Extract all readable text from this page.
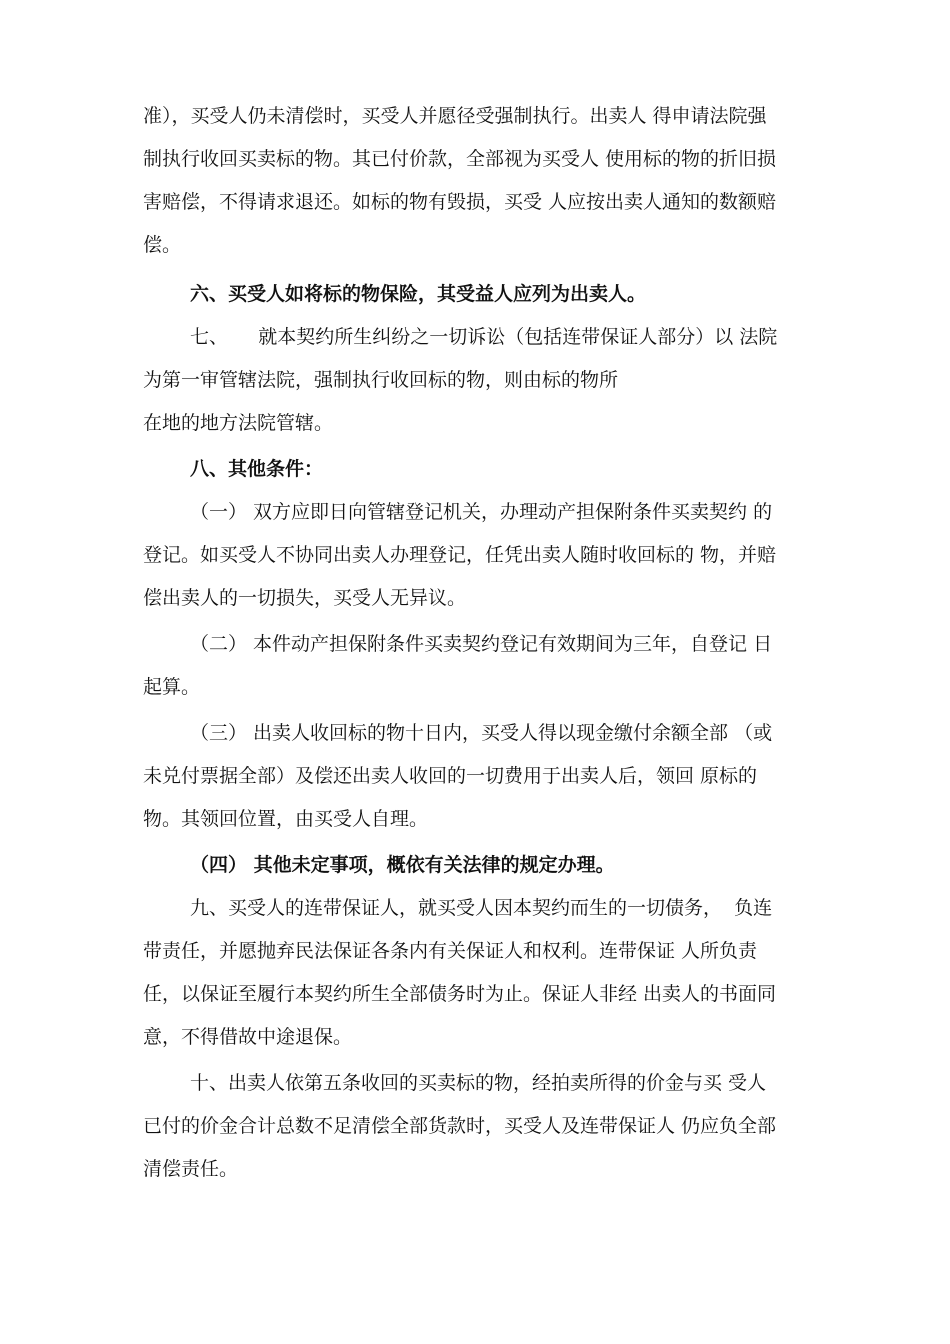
准），买受人仍未清偿时，买受人并愿径受强制执行。出卖人 得申请法院强
制执行收回买卖标的物。其已付价款，全部视为买受人 使用标的物的折旧损
害赔偿，不得请求退还。如标的物有毁损，买受 人应按出卖人通知的数额赔
偿。
六、买受人如将标的物保险，其受益人应列为出卖人。
七、     就本契约所生纠纷之一切诉讼（包括连带保证人部分）以 法院
为第一审管辖法院，强制执行收回标的物，则由标的物所
在地的地方法院管辖。
八、其他条件：
（一） 双方应即日向管辖登记机关，办理动产担保附条件买卖契约 的
登记。如买受人不协同出卖人办理登记，任凭出卖人随时收回标的 物，并赔
偿出卖人的一切损失，买受人无异议。
（二） 本件动产担保附条件买卖契约登记有效期间为三年，自登记 日
起算。
（三） 出卖人收回标的物十日内，买受人得以现金缴付余额全部 （或
未兑付票据全部）及偿还出卖人收回的一切费用于出卖人后，领回 原标的
物。其领回位置，由买受人自理。
（四） 其他未定事项，概依有关法律的规定办理。
九、买受人的连带保证人，就买受人因本契约而生的一切债务，  负连
带责任，并愿抛弃民法保证各条内有关保证人和权利。连带保证 人所负责
任，以保证至履行本契约所生全部债务时为止。保证人非经 出卖人的书面同
意，不得借故中途退保。
十、出卖人依第五条收回的买卖标的物，经拍卖所得的价金与买 受人
已付的价金合计总数不足清偿全部货款时，买受人及连带保证人 仍应负全部
清偿责任。
